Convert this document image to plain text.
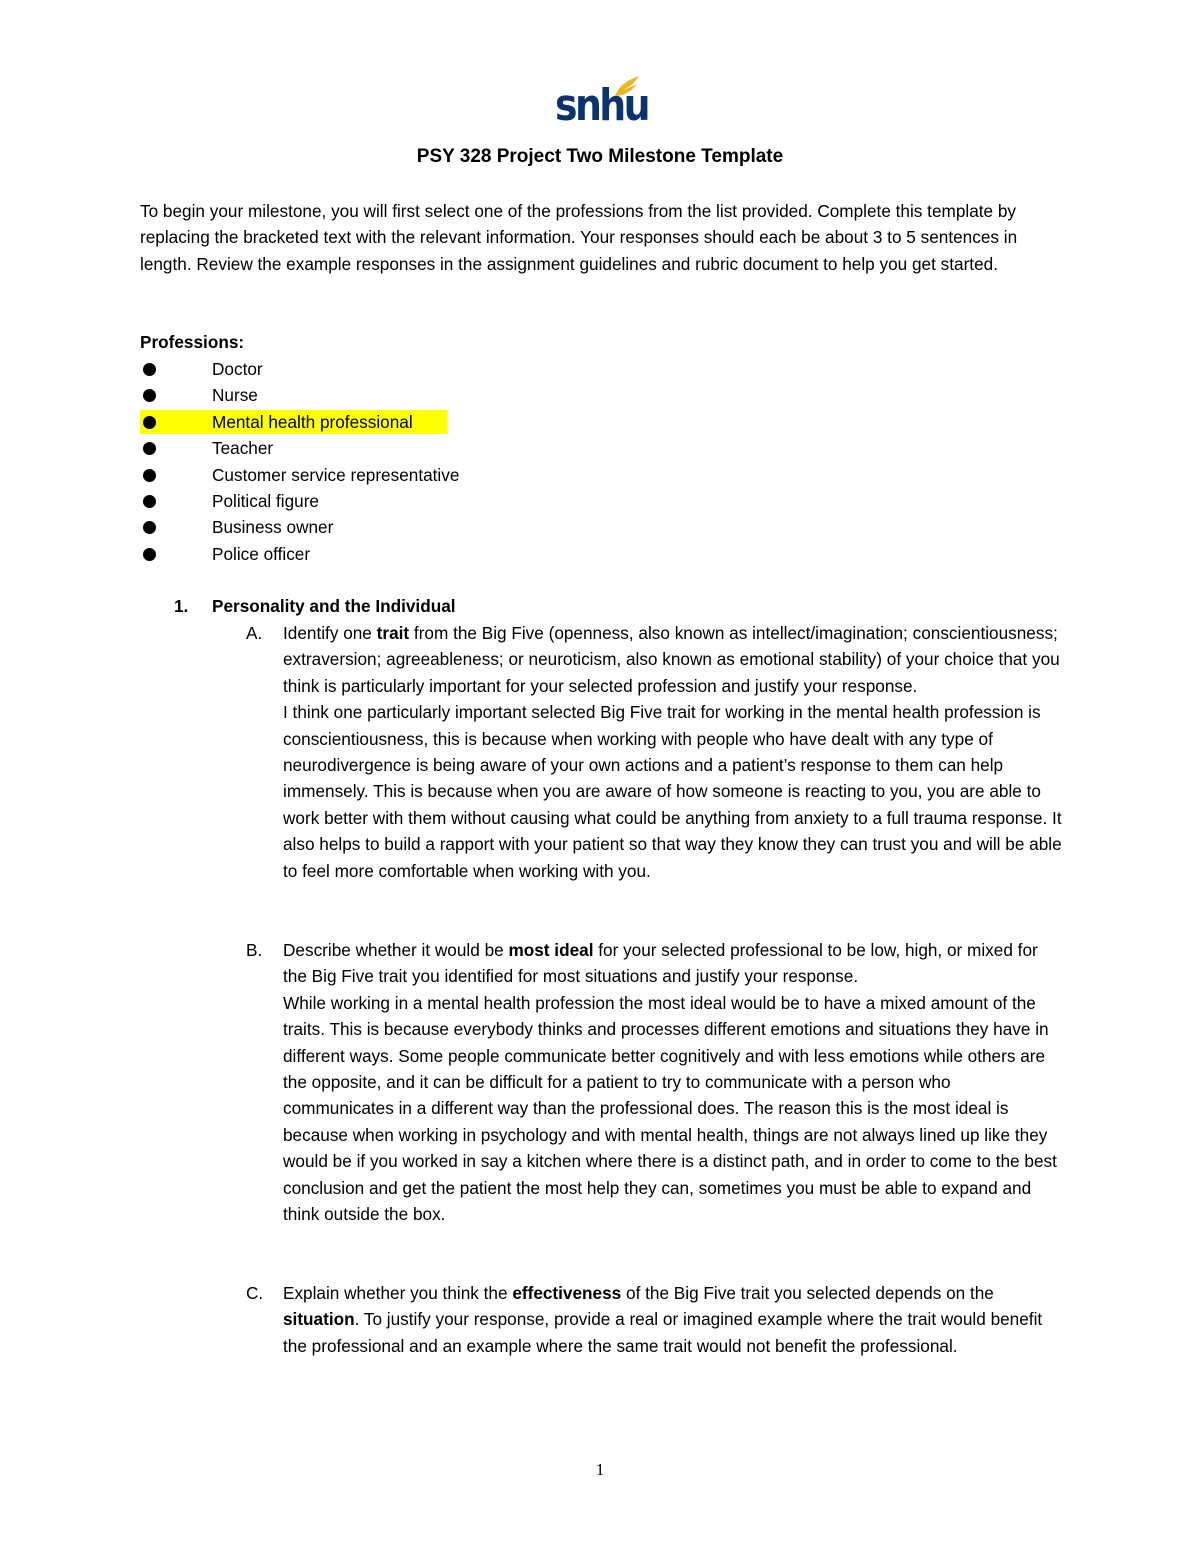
snhu
PSY 328 Project Two Milestone Template
To begin your milestone, you will first select one of the professions from the list provided. Complete this template by replacing the bracketed text with the relevant information. Your responses should each be about 3 to 5 sentences in length. Review the example responses in the assignment guidelines and rubric document to help you get started.
Professions:
Doctor
Nurse
Mental health professional
Teacher
Customer service representative
Political figure
Business owner
Police officer
1. Personality and the Individual
A. Identify one trait from the Big Five (openness, also known as intellect/imagination; conscientiousness; extraversion; agreeableness; or neuroticism, also known as emotional stability) of your choice that you think is particularly important for your selected profession and justify your response.

I think one particularly important selected Big Five trait for working in the mental health profession is conscientiousness, this is because when working with people who have dealt with any type of neurodivergence is being aware of your own actions and a patient’s response to them can help immensely. This is because when you are aware of how someone is reacting to you, you are able to work better with them without causing what could be anything from anxiety to a full trauma response. It also helps to build a rapport with your patient so that way they know they can trust you and will be able to feel more comfortable when working with you.

B. Describe whether it would be most ideal for your selected professional to be low, high, or mixed for the Big Five trait you identified for most situations and justify your response.

While working in a mental health profession the most ideal would be to have a mixed amount of the traits. This is because everybody thinks and processes different emotions and situations they have in different ways. Some people communicate better cognitively and with less emotions while others are the opposite, and it can be difficult for a patient to try to communicate with a person who communicates in a different way than the professional does. The reason this is the most ideal is because when working in psychology and with mental health, things are not always lined up like they would be if you worked in say a kitchen where there is a distinct path, and in order to come to the best conclusion and get the patient the most help they can, sometimes you must be able to expand and think outside the box.

C. Explain whether you think the effectiveness of the Big Five trait you selected depends on the situation. To justify your response, provide a real or imagined example where the trait would benefit the professional and an example where the same trait would not benefit the professional.

1
